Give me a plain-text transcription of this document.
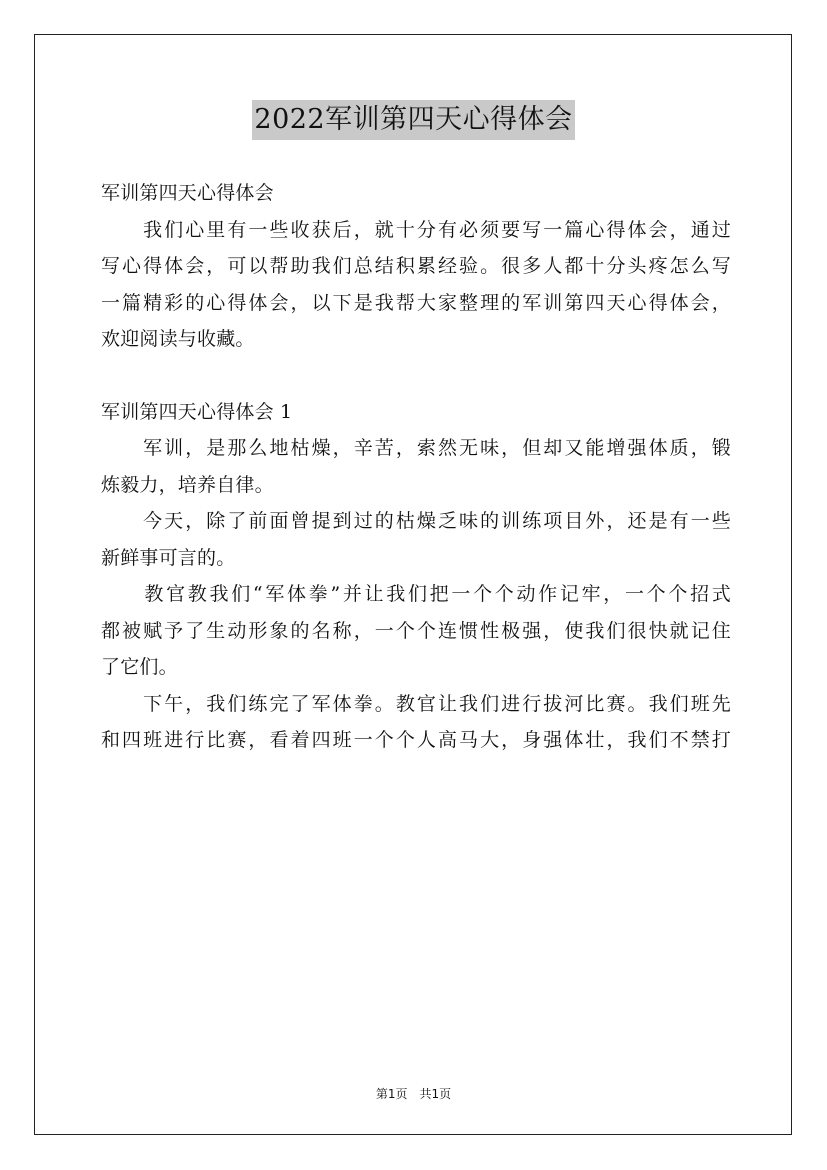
2022军训第四天心得体会
军训第四天心得体会
　　我们心里有一些收获后，就十分有必须要写一篇心得体会，通过
写心得体会，可以帮助我们总结积累经验。很多人都十分头疼怎么写
一篇精彩的心得体会，以下是我帮大家整理的军训第四天心得体会，
欢迎阅读与收藏。
军训第四天心得体会 1
　　军训，是那么地枯燥，辛苦，索然无味，但却又能增强体质，锻
炼毅力，培养自律。
　　今天，除了前面曾提到过的枯燥乏味的训练项目外，还是有一些
新鲜事可言的。
　　教官教我们“军体拳”并让我们把一个个动作记牢，一个个招式
都被赋予了生动形象的名称，一个个连惯性极强，使我们很快就记住
了它们。
　　下午，我们练完了军体拳。教官让我们进行拔河比赛。我们班先
和四班进行比赛，看着四班一个个人高马大，身强体壮，我们不禁打
第1页　共1页
